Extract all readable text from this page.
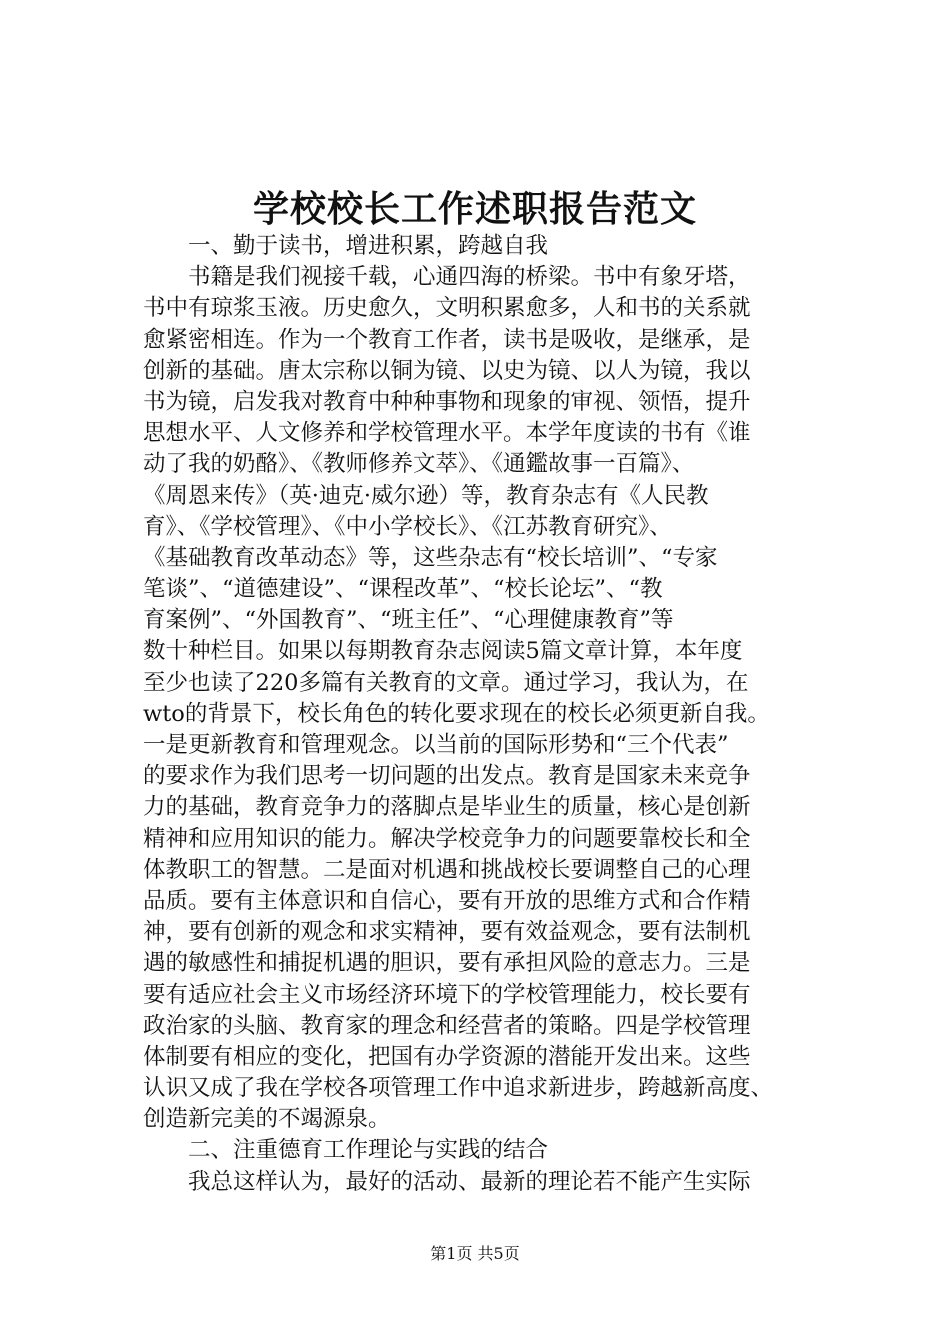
学校校长工作述职报告范文
一、勤于读书，增进积累，跨越自我
书籍是我们视接千载，心通四海的桥梁。书中有象牙塔，
书中有琼浆玉液。历史愈久，文明积累愈多，人和书的关系就
愈紧密相连。作为一个教育工作者，读书是吸收，是继承，是
创新的基础。唐太宗称以铜为镜、以史为镜、以人为镜，我以
书为镜，启发我对教育中种种事物和现象的审视、领悟，提升
思想水平、人文修养和学校管理水平。本学年度读的书有《谁
动了我的奶酪》、《教师修养文萃》、《通鑑故事一百篇》、
《周恩来传》（英·迪克·威尔逊）等，教育杂志有《人民教
育》、《学校管理》、《中小学校长》、《江苏教育研究》、
《基础教育改革动态》等，这些杂志有“校长培训”、“专家
笔谈”、“道德建设”、“课程改革”、“校长论坛”、“教
育案例”、“外国教育”、“班主任”、“心理健康教育”等
数十种栏目。如果以每期教育杂志阅读5篇文章计算，本年度
至少也读了220多篇有关教育的文章。通过学习，我认为，在
wto的背景下，校长角色的转化要求现在的校长必须更新自我。
一是更新教育和管理观念。以当前的国际形势和“三个代表”
的要求作为我们思考一切问题的出发点。教育是国家未来竞争
力的基础，教育竞争力的落脚点是毕业生的质量，核心是创新
精神和应用知识的能力。解决学校竞争力的问题要靠校长和全
体教职工的智慧。二是面对机遇和挑战校长要调整自己的心理
品质。要有主体意识和自信心，要有开放的思维方式和合作精
神，要有创新的观念和求实精神，要有效益观念，要有法制机
遇的敏感性和捕捉机遇的胆识，要有承担风险的意志力。三是
要有适应社会主义市场经济环境下的学校管理能力，校长要有
政治家的头脑、教育家的理念和经营者的策略。四是学校管理
体制要有相应的变化，把国有办学资源的潜能开发出来。这些
认识又成了我在学校各项管理工作中追求新进步，跨越新高度、
创造新完美的不竭源泉。
二、注重德育工作理论与实践的结合
我总这样认为，最好的活动、最新的理论若不能产生实际
第1页 共5页
